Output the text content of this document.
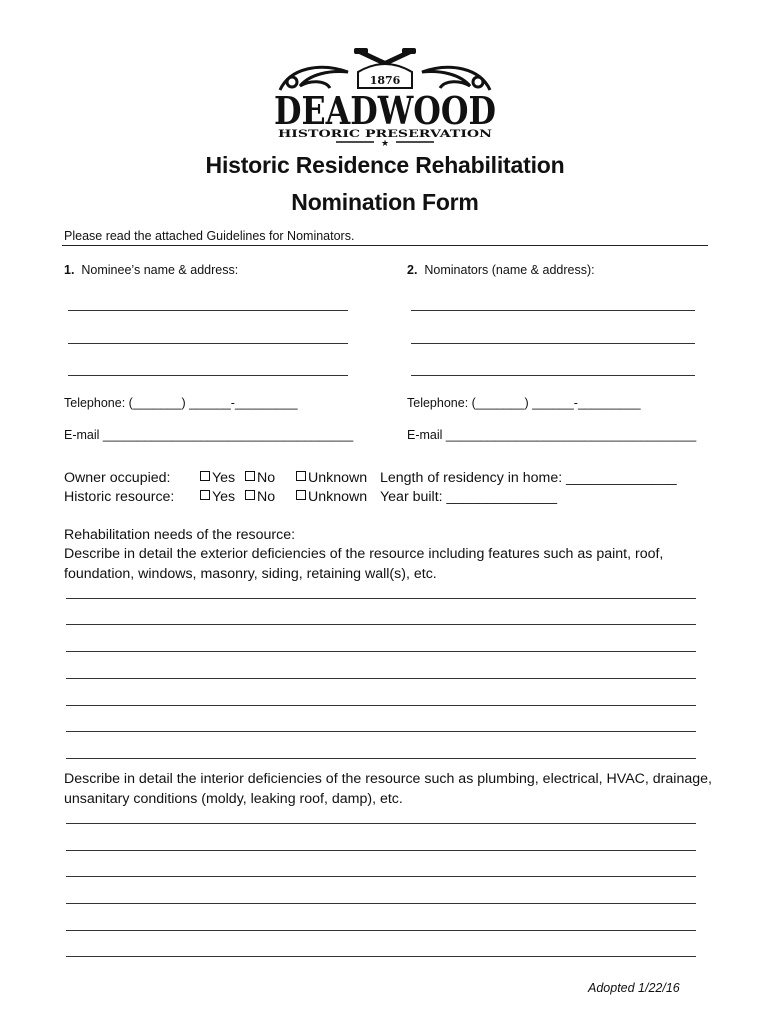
1876
DEADWOOD
HISTORIC PRESERVATION
★
Historic Residence Rehabilitation
Nomination Form
Please read the attached Guidelines for Nominators.
1. Nominee’s name & address:
Telephone: (_______) ______-_________
E-mail ____________________________________
2. Nominators (name & address):
Telephone: (_______) ______-_________
E-mail ____________________________________
Owner occupied:	Yes	No	Unknown Length of residency in home: ______________
Historic resource:	Yes	No	Unknown Year built: ______________
Rehabilitation needs of the resource:
Describe in detail the exterior deficiencies of the resource including features such as paint, roof,
foundation, windows, masonry, siding, retaining wall(s), etc.
Describe in detail the interior deficiencies of the resource such as plumbing, electrical, HVAC, drainage,
unsanitary conditions (moldy, leaking roof, damp), etc.
Adopted 1/22/16
